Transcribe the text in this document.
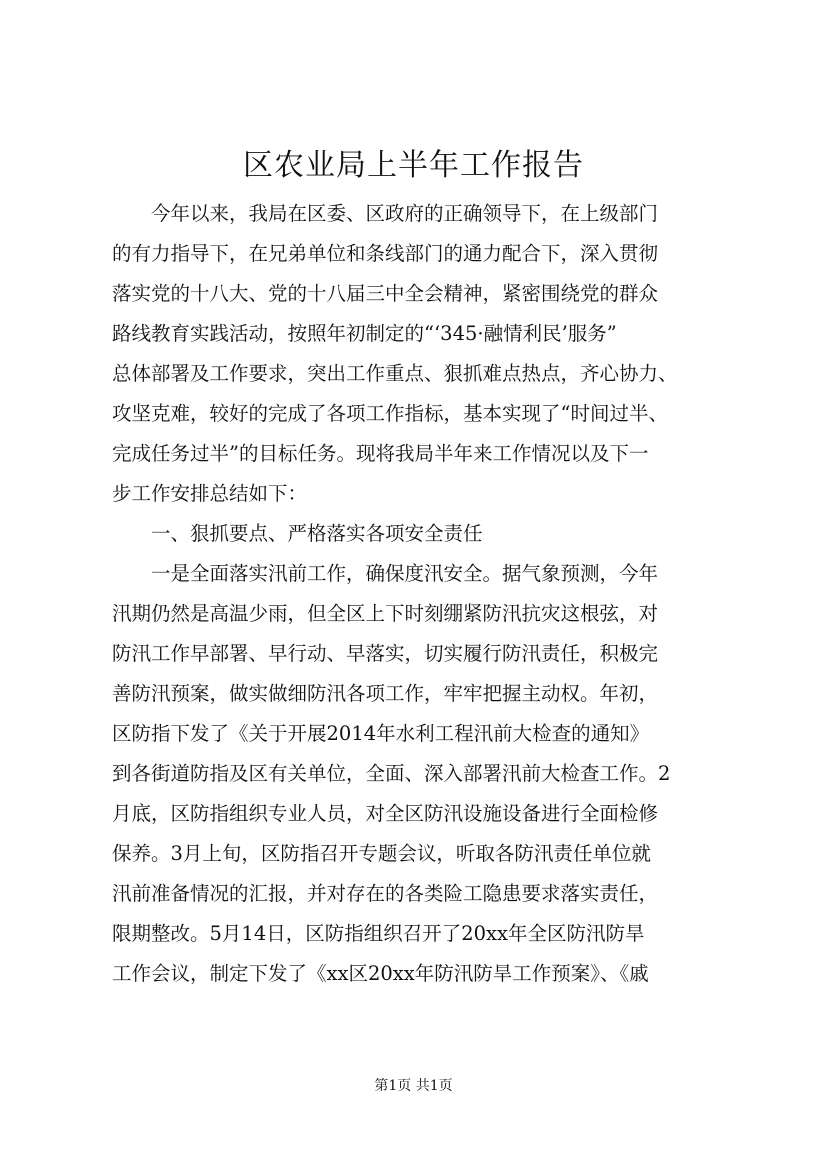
区农业局上半年工作报告
　　今年以来，我局在区委、区政府的正确领导下，在上级部门
的有力指导下，在兄弟单位和条线部门的通力配合下，深入贯彻
落实党的十八大、党的十八届三中全会精神，紧密围绕党的群众
路线教育实践活动，按照年初制定的“‘345·融情利民’服务”
总体部署及工作要求，突出工作重点、狠抓难点热点，齐心协力、
攻坚克难，较好的完成了各项工作指标，基本实现了“时间过半、
完成任务过半”的目标任务。现将我局半年来工作情况以及下一
步工作安排总结如下：
　　一、狠抓要点、严格落实各项安全责任
　　一是全面落实汛前工作，确保度汛安全。据气象预测，今年
汛期仍然是高温少雨，但全区上下时刻绷紧防汛抗灾这根弦，对
防汛工作早部署、早行动、早落实，切实履行防汛责任，积极完
善防汛预案，做实做细防汛各项工作，牢牢把握主动权。年初，
区防指下发了《关于开展2014年水利工程汛前大检查的通知》
到各街道防指及区有关单位，全面、深入部署汛前大检查工作。2
月底，区防指组织专业人员，对全区防汛设施设备进行全面检修
保养。3月上旬，区防指召开专题会议，听取各防汛责任单位就
汛前准备情况的汇报，并对存在的各类险工隐患要求落实责任，
限期整改。5月14日，区防指组织召开了20xx年全区防汛防旱
工作会议，制定下发了《xx区20xx年防汛防旱工作预案》、《戚
第1页 共1页
